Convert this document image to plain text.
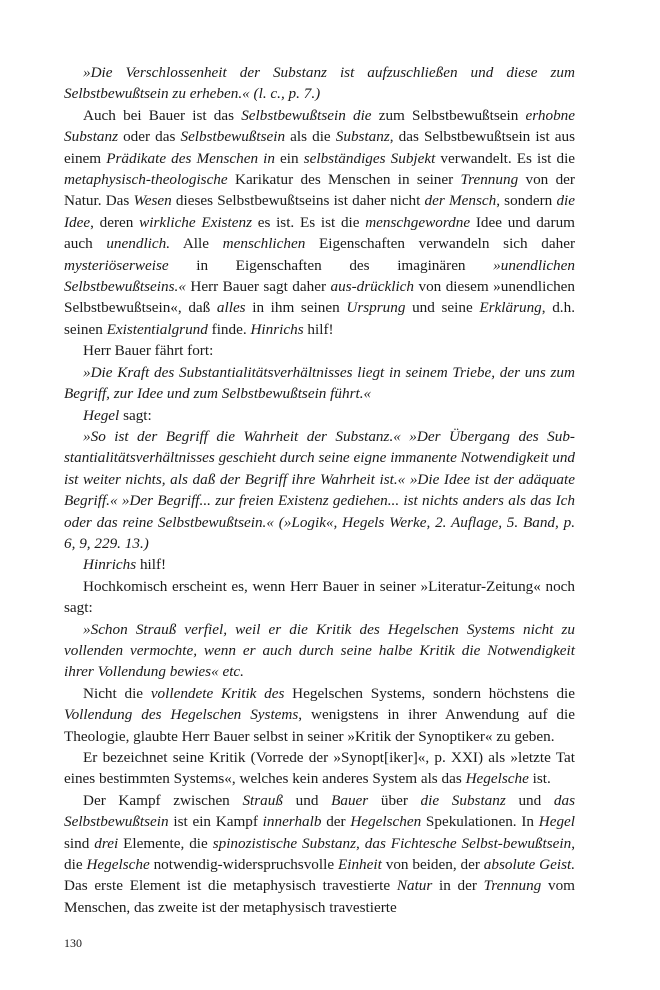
»Die Verschlossenheit der Substanz ist aufzuschließen und diese zum Selbstbewußtsein zu erheben.« (l. c., p. 7.)

Auch bei Bauer ist das Selbstbewußtsein die zum Selbstbewußtsein erhobne Substanz oder das Selbstbewußtsein als die Substanz, das Selbstbewußtsein ist aus einem Prädikate des Menschen in ein selbständiges Subjekt verwandelt. Es ist die metaphysisch-theologische Karikatur des Menschen in seiner Trennung von der Natur. Das Wesen dieses Selbstbewußtseins ist daher nicht der Mensch, sondern die Idee, deren wirkliche Existenz es ist. Es ist die menschgewordne Idee und darum auch unendlich. Alle menschlichen Eigenschaften verwandeln sich daher mysteriöserweise in Eigenschaften des imaginären »unendlichen Selbstbewußtseins.« Herr Bauer sagt daher aus-drücklich von diesem »unendlichen Selbstbewußtsein«, daß alles in ihm seinen Ursprung und seine Erklärung, d.h. seinen Existentialgrund finde. Hinrichs hilf!

Herr Bauer fährt fort:

»Die Kraft des Substantialitätsverhältnisses liegt in seinem Triebe, der uns zum Begriff, zur Idee und zum Selbstbewußtsein führt.«

Hegel sagt:

»So ist der Begriff die Wahrheit der Substanz.« »Der Übergang des Sub-stantialitätsverhältnisses geschieht durch seine eigne immanente Notwendigkeit und ist weiter nichts, als daß der Begriff ihre Wahrheit ist.« »Die Idee ist der adäquate Begriff.« »Der Begriff... zur freien Existenz gediehen... ist nichts anders als das Ich oder das reine Selbstbewußtsein.« (»Logik«, Hegels Werke, 2. Auflage, 5. Band, p. 6, 9, 229. 13.)

Hinrichs hilf!

Hochkomisch erscheint es, wenn Herr Bauer in seiner »Literatur-Zeitung« noch sagt:

»Schon Strauß verfiel, weil er die Kritik des Hegelschen Systems nicht zu vollenden vermochte, wenn er auch durch seine halbe Kritik die Notwendigkeit ihrer Vollendung bewies« etc.

Nicht die vollendete Kritik des Hegelschen Systems, sondern höchstens die Vollendung des Hegelschen Systems, wenigstens in ihrer Anwendung auf die Theologie, glaubte Herr Bauer selbst in seiner »Kritik der Synoptiker« zu geben.

Er bezeichnet seine Kritik (Vorrede der »Synopt[iker]«, p. XXI) als »letzte Tat eines bestimmten Systems«, welches kein anderes System als das Hegelsche ist.

Der Kampf zwischen Strauß und Bauer über die Substanz und das Selbstbewußtsein ist ein Kampf innerhalb der Hegelschen Spekulationen. In Hegel sind drei Elemente, die spinozistische Substanz, das Fichtesche Selbst-bewußtsein, die Hegelsche notwendig-widerspruchsvolle Einheit von beiden, der absolute Geist. Das erste Element ist die metaphysisch travestierte Natur in der Trennung vom Menschen, das zweite ist der metaphysisch travestierte

130
